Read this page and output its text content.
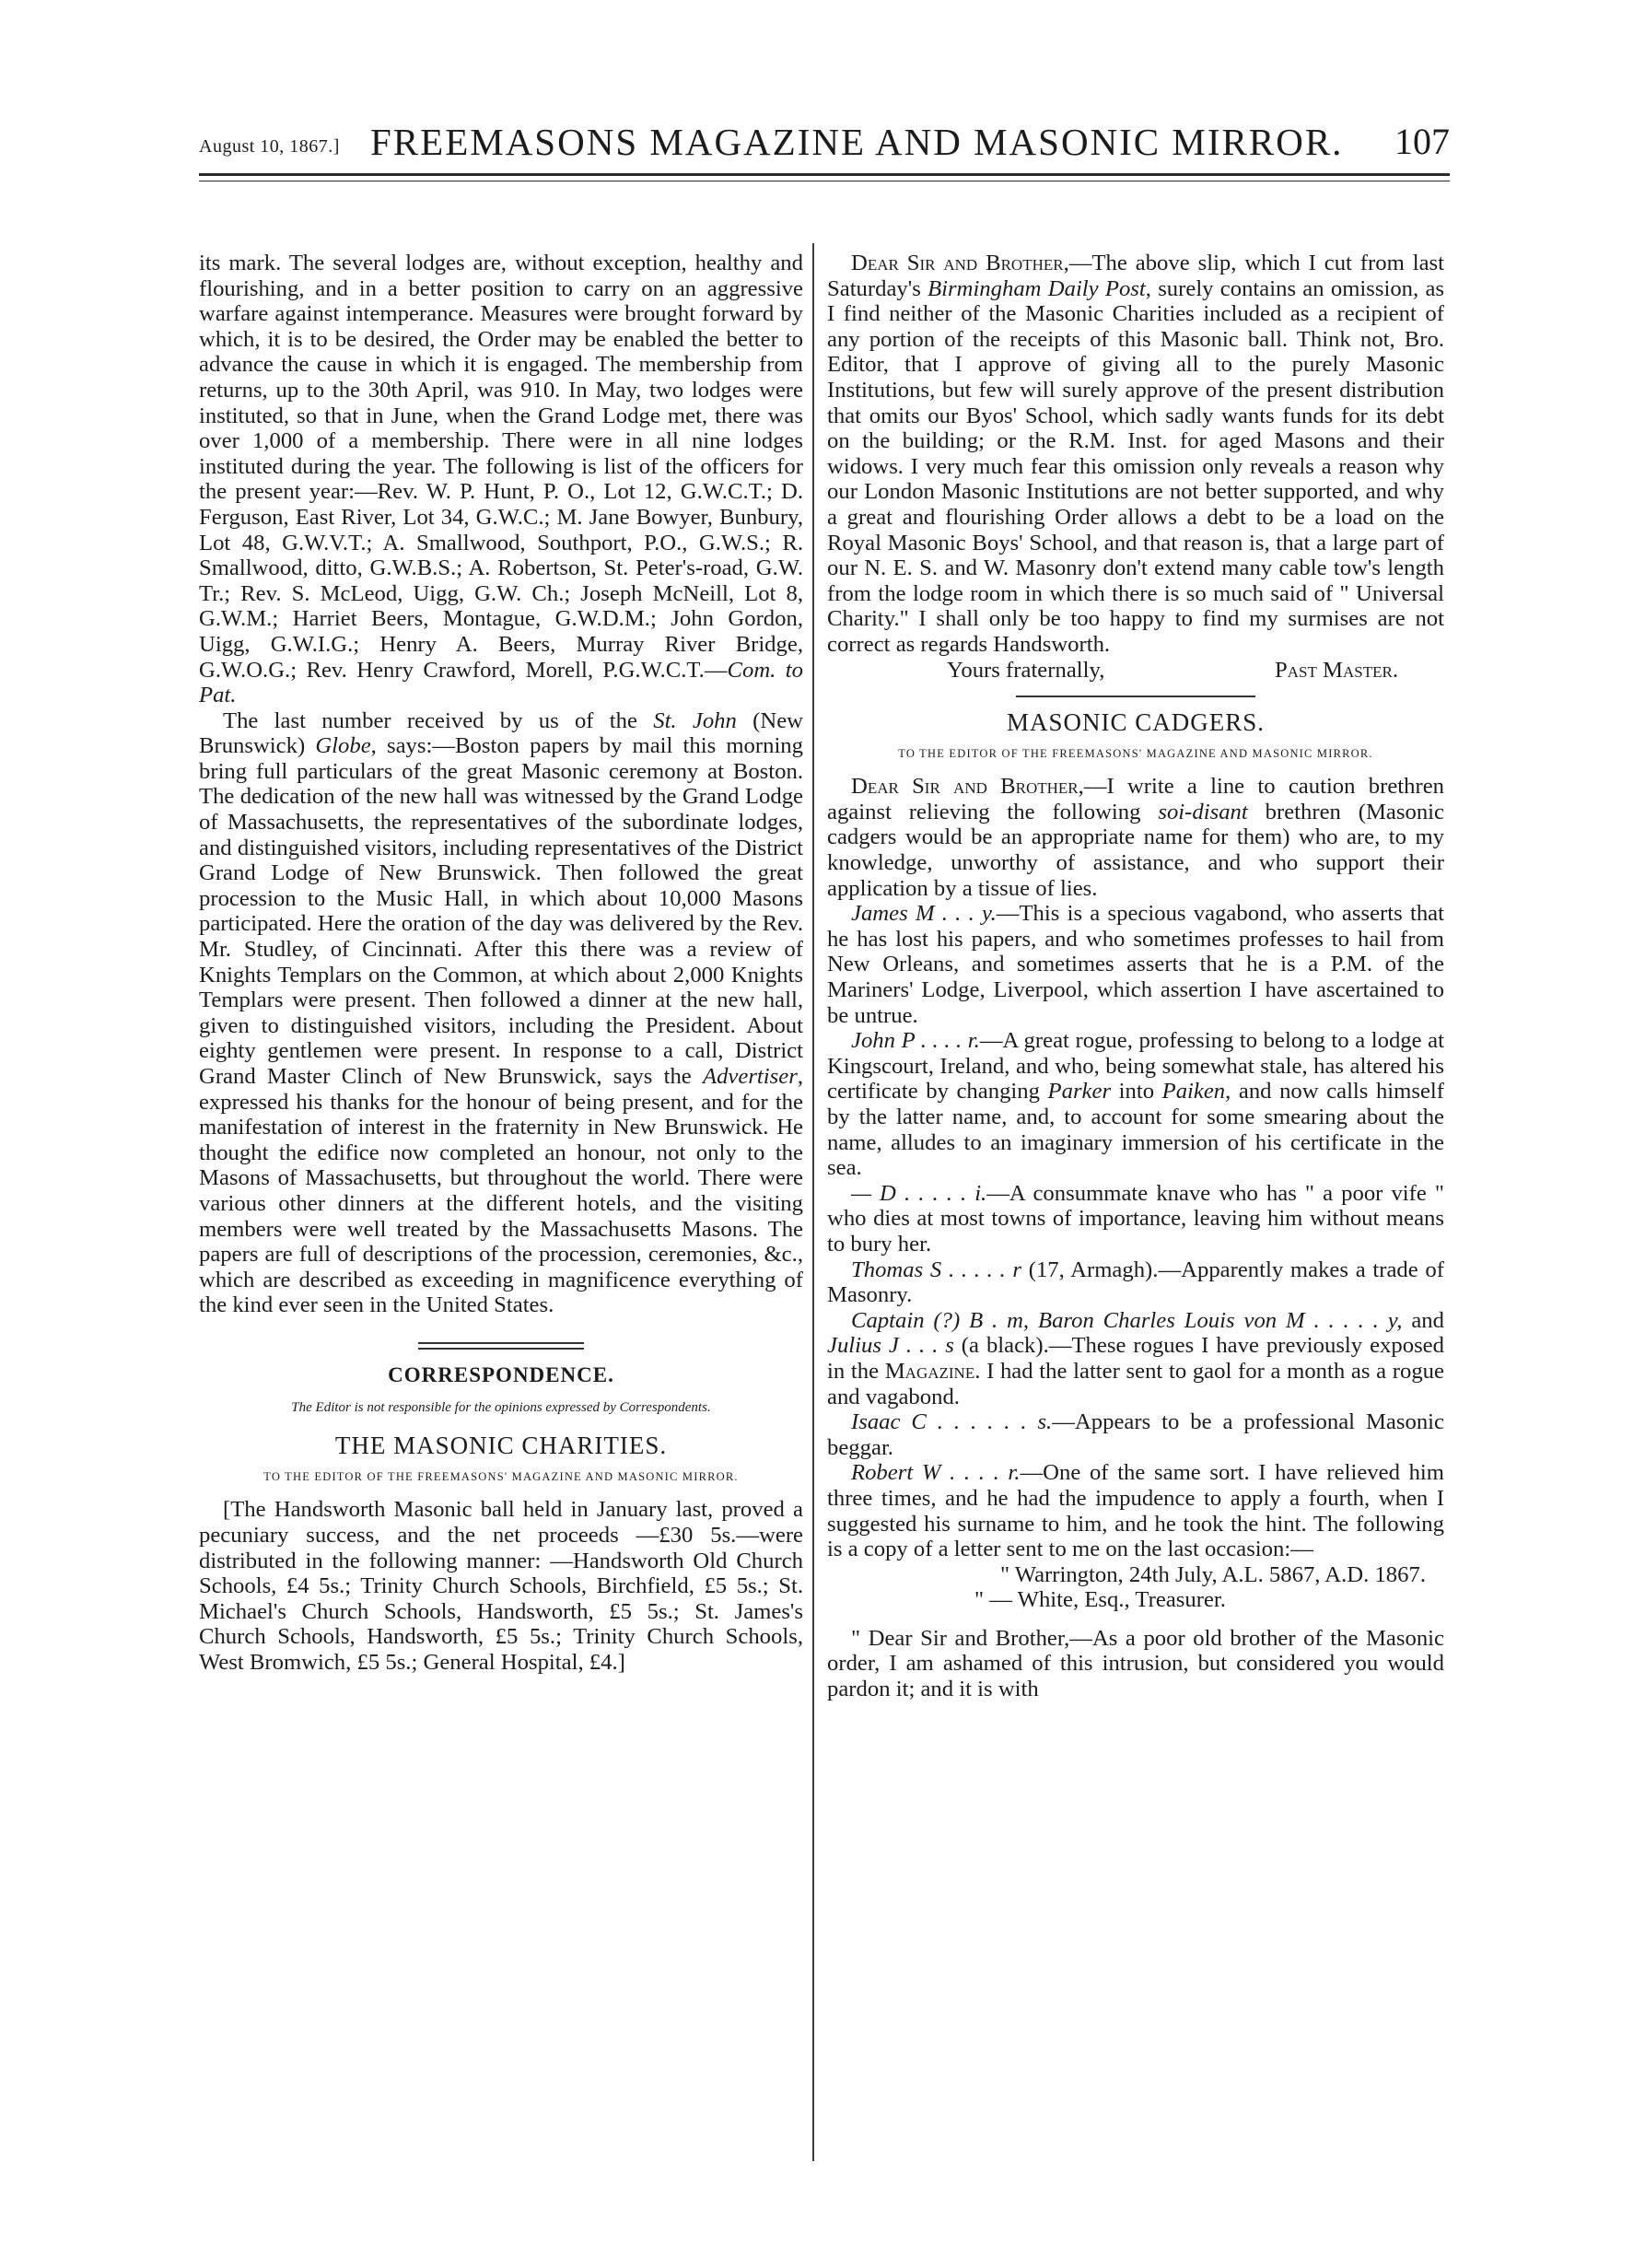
August 10, 1867.] FREEMASONS MAGAZINE AND MASONIC MIRROR. 107

its mark. The several lodges are, without exception, healthy and flourishing, and in a better position to carry on an aggressive warfare against intemperance. Measures were brought forward by which, it is to be desired, the Order may be enabled the better to advance the cause in which it is engaged. The membership from returns, up to the 30th April, was 910. In May, two lodges were instituted, so that in June, when the Grand Lodge met, there was over 1,000 of a membership. There were in all nine lodges instituted during the year. The following is list of the officers for the present year:—Rev. W. P. Hunt, P. O., Lot 12, G.W.C.T.; D. Ferguson, East River, Lot 34, G.W.C.; M. Jane Bowyer, Bunbury, Lot 48, G.W.V.T.; A. Smallwood, Southport, P.O., G.W.S.; R. Smallwood, ditto, G.W.B.S.; A. Robertson, St. Peter's-road, G.W. Tr.; Rev. S. McLeod, Uigg, G.W. Ch.; Joseph McNeill, Lot 8, G.W.M.; Harriet Beers, Montague, G.W.D.M.; John Gordon, Uigg, G.W.I.G.; Henry A. Beers, Murray River Bridge, G.W.O.G.; Rev. Henry Crawford, Morell, P.G.W.C.T.—Com. to Pat.

The last number received by us of the St. John (New Brunswick) Globe, says:—Boston papers by mail this morning bring full particulars of the great Masonic ceremony at Boston. The dedication of the new hall was witnessed by the Grand Lodge of Massachusetts, the representatives of the subordinate lodges, and distinguished visitors, including representatives of the District Grand Lodge of New Brunswick. Then followed the great procession to the Music Hall, in which about 10,000 Masons participated. Here the oration of the day was delivered by the Rev. Mr. Studley, of Cincinnati. After this there was a review of Knights Templars on the Common, at which about 2,000 Knights Templars were present. Then followed a dinner at the new hall, given to distinguished visitors, including the President. About eighty gentlemen were present. In response to a call, District Grand Master Clinch of New Brunswick, says the Advertiser, expressed his thanks for the honour of being present, and for the manifestation of interest in the fraternity in New Brunswick. He thought the edifice now completed an honour, not only to the Masons of Massachusetts, but throughout the world. There were various other dinners at the different hotels, and the visiting members were well treated by the Massachusetts Masons. The papers are full of descriptions of the procession, ceremonies, &c., which are described as exceeding in magnificence everything of the kind ever seen in the United States.

CORRESPONDENCE.
The Editor is not responsible for the opinions expressed by Correspondents.
THE MASONIC CHARITIES.
TO THE EDITOR OF THE FREEMASONS' MAGAZINE AND MASONIC MIRROR.

[The Handsworth Masonic ball held in January last, proved a pecuniary success, and the net proceeds —£30 5s.—were distributed in the following manner: —Handsworth Old Church Schools, £4 5s.; Trinity Church Schools, Birchfield, £5 5s.; St. Michael's Church Schools, Handsworth, £5 5s.; St. James's Church Schools, Handsworth, £5 5s.; Trinity Church Schools, West Bromwich, £5 5s.; General Hospital, £4.]

Dear Sir and Brother,—The above slip, which I cut from last Saturday's Birmingham Daily Post, surely contains an omission, as I find neither of the Masonic Charities included as a recipient of any portion of the receipts of this Masonic ball. Think not, Bro. Editor, that I approve of giving all to the purely Masonic Institutions, but few will surely approve of the present distribution that omits our Byos' School, which sadly wants funds for its debt on the building; or the R.M. Inst. for aged Masons and their widows. I very much fear this omission only reveals a reason why our London Masonic Institutions are not better supported, and why a great and flourishing Order allows a debt to be a load on the Royal Masonic Boys' School, and that reason is, that a large part of our N. E. S. and W. Masonry don't extend many cable tow's length from the lodge room in which there is so much said of " Universal Charity." I shall only be too happy to find my surmises are not correct as regards Handsworth.

Yours fraternally,	Past Master.
MASONIC CADGERS.
TO THE EDITOR OF THE FREEMASONS' MAGAZINE AND MASONIC MIRROR.

Dear Sir and Brother,—I write a line to caution brethren against relieving the following soi-disant brethren (Masonic cadgers would be an appropriate name for them) who are, to my knowledge, unworthy of assistance, and who support their application by a tissue of lies.

James M . . . y.—This is a specious vagabond, who asserts that he has lost his papers, and who sometimes professes to hail from New Orleans, and sometimes asserts that he is a P.M. of the Mariners' Lodge, Liverpool, which assertion I have ascertained to be untrue.

John P . . . . r.—A great rogue, professing to belong to a lodge at Kingscourt, Ireland, and who, being somewhat stale, has altered his certificate by changing Parker into Paiken, and now calls himself by the latter name, and, to account for some smearing about the name, alludes to an imaginary immersion of his certificate in the sea.

— D . . . . . i.—A consummate knave who has " a poor vife " who dies at most towns of importance, leaving him without means to bury her.

Thomas S . . . . . r (17, Armagh).—Apparently makes a trade of Masonry.

Captain (?) B . m, Baron Charles Louis von M . . . . . y, and Julius J . . . s (a black).—These rogues I have previously exposed in the Magazine. I had the latter sent to gaol for a month as a rogue and vagabond.

Isaac C . . . . . . s.—Appears to be a professional Masonic beggar.

Robert W . . . . r.—One of the same sort. I have relieved him three times, and he had the impudence to apply a fourth, when I suggested his surname to him, and he took the hint. The following is a copy of a letter sent to me on the last occasion:—

" Warrington, 24th July, A.L. 5867, A.D. 1867.

" — White, Esq., Treasurer.

" Dear Sir and Brother,—As a poor old brother of the Masonic order, I am ashamed of this intrusion, but considered you would pardon it; and it is with
